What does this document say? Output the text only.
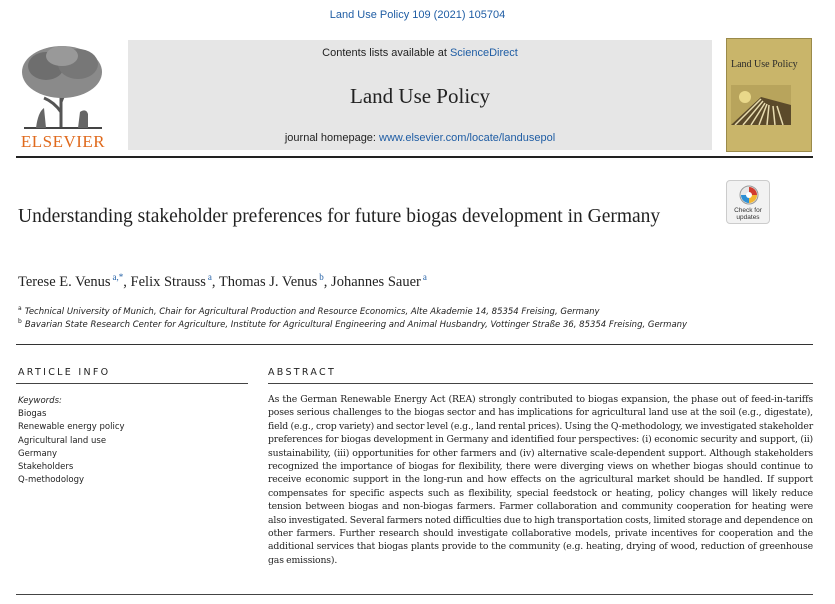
Land Use Policy 109 (2021) 105704
ELSEVIER
Contents lists available at ScienceDirect
Land Use Policy
journal homepage: www.elsevier.com/locate/landusepol
Land Use Policy
Check for
updates
Understanding stakeholder preferences for future biogas development in Germany
Terese E. Venus $^{a,*}$, Felix Strauss $^a$, Thomas J. Venus $^b$, Johannes Sauer $^a$
$^a$ Technical University of Munich, Chair for Agricultural Production and Resource Economics, Alte Akademie 14, 85354 Freising, Germany
$^b$ Bavarian State Research Center for Agriculture, Institute for Agricultural Engineering and Animal Husbandry, Vottinger Straße 36, 85354 Freising, Germany
ARTICLE INFO
Keywords:
Biogas
Renewable energy policy
Agricultural land use
Germany
Stakeholders
Q-methodology
ABSTRACT
As the German Renewable Energy Act (REA) strongly contributed to biogas expansion, the phase out of feed-in-tariffs poses serious challenges to the biogas sector and has implications for agricultural land use at the soil (e.g., digestate), field (e.g., crop variety) and sector level (e.g., land rental prices). Using the Q-methodology, we investigated stakeholder preferences for biogas development in Germany and identified four perspectives: (i) economic security and support, (ii) sustainability, (iii) opportunities for other farmers and (iv) alternative scale-dependent support. Although stakeholders recognized the importance of biogas for flexibility, there were diverging views on whether biogas should continue to receive economic support in the long-run and how effects on the agricultural market should be handled. If support compensates for specific aspects such as flexibility, special feedstock or heating, policy changes will likely reduce tension between biogas and non-biogas farmers. Farmer collaboration and community cooperation for heating were also investigated. Several farmers noted difficulties due to high transportation costs, limited storage and dependence on other farmers. Further research should investigate collaborative models, private incentives for cooperation and the additional services that biogas plants provide to the community (e.g. heating, drying of wood, reduction of greenhouse gas emissions).
